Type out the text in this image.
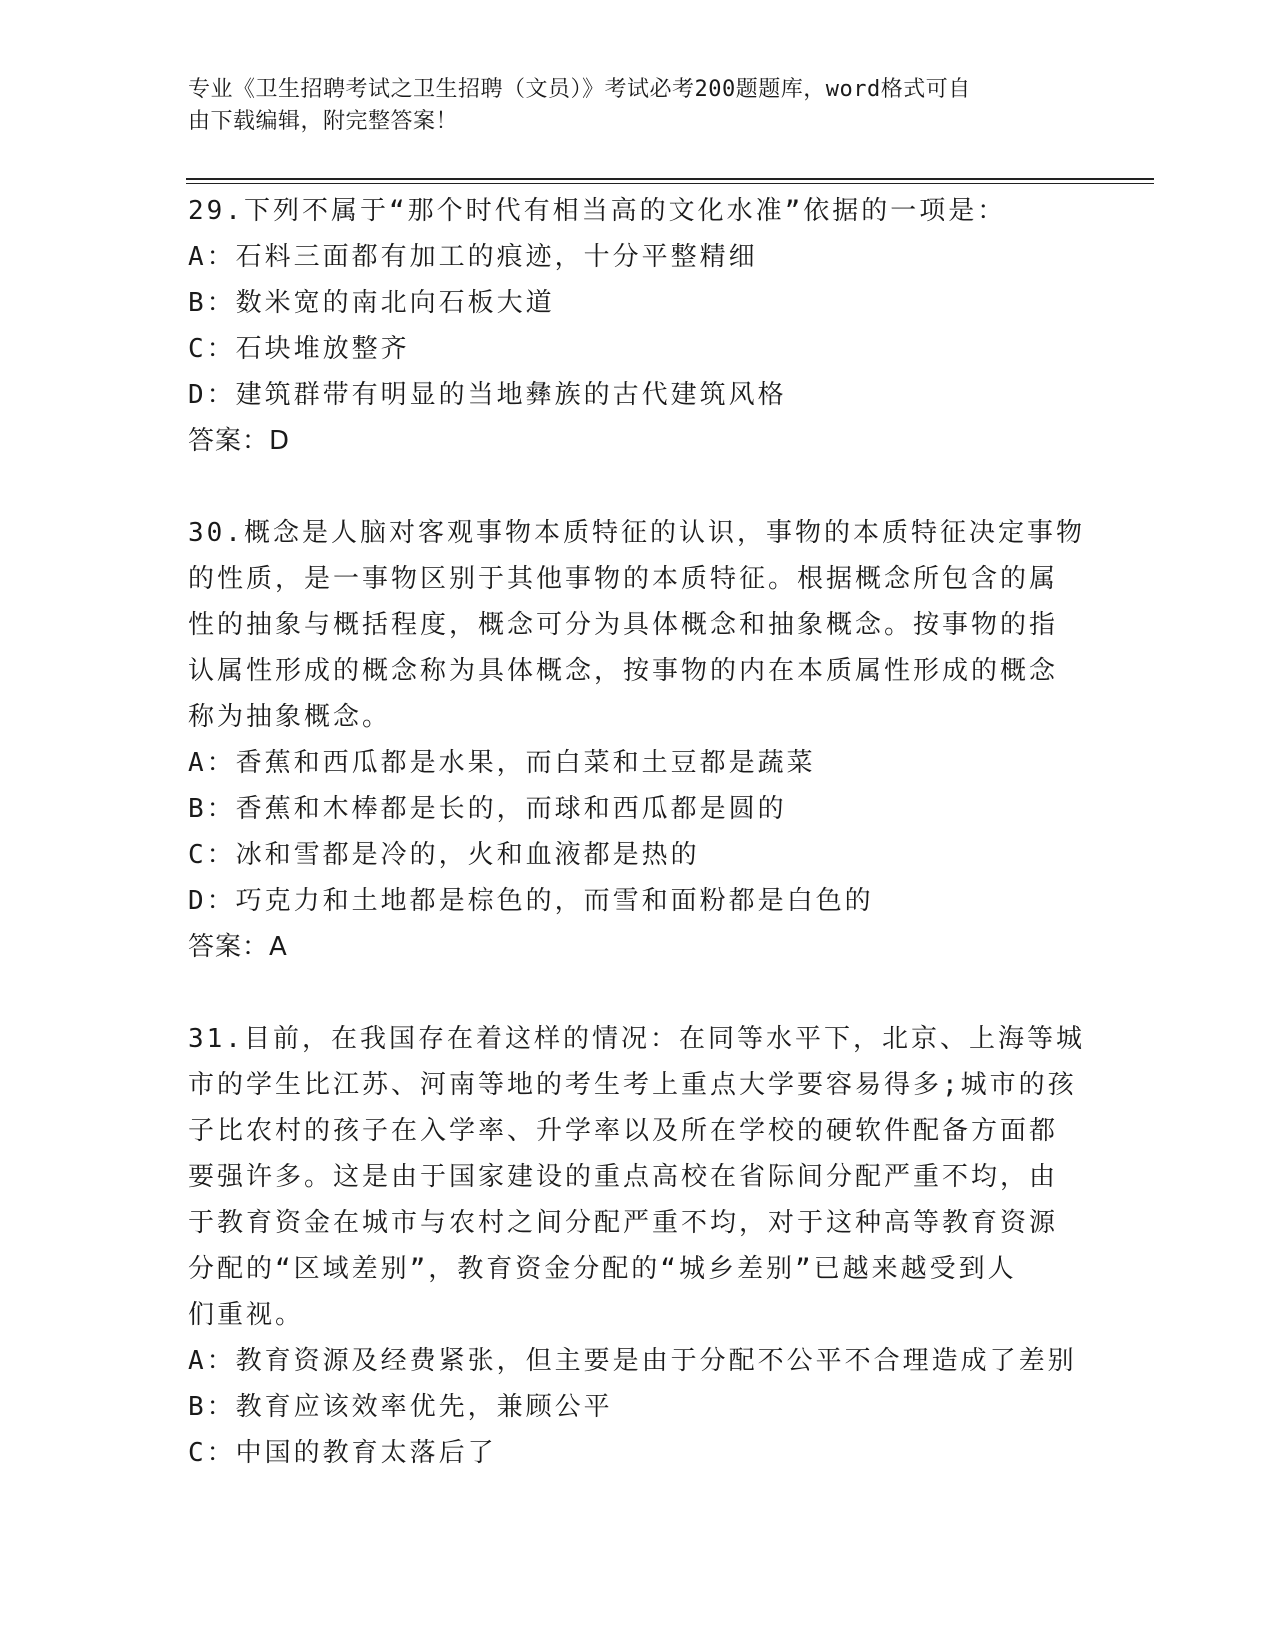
专业《卫生招聘考试之卫生招聘（文员）》考试必考200题题库，word格式可自
由下载编辑，附完整答案！
29.下列不属于“那个时代有相当高的文化水准”依据的一项是：
A：石料三面都有加工的痕迹，十分平整精细
B：数米宽的南北向石板大道
C：石块堆放整齐
D：建筑群带有明显的当地彝族的古代建筑风格
答案：D
30.概念是人脑对客观事物本质特征的认识，事物的本质特征决定事物
的性质，是一事物区别于其他事物的本质特征。根据概念所包含的属
性的抽象与概括程度，概念可分为具体概念和抽象概念。按事物的指
认属性形成的概念称为具体概念，按事物的内在本质属性形成的概念
称为抽象概念。
A：香蕉和西瓜都是水果，而白菜和土豆都是蔬菜
B：香蕉和木棒都是长的，而球和西瓜都是圆的
C：冰和雪都是冷的，火和血液都是热的
D：巧克力和土地都是棕色的，而雪和面粉都是白色的
答案：A
31.目前，在我国存在着这样的情况：在同等水平下，北京、上海等城
市的学生比江苏、河南等地的考生考上重点大学要容易得多;城市的孩
子比农村的孩子在入学率、升学率以及所在学校的硬软件配备方面都
要强许多。这是由于国家建设的重点高校在省际间分配严重不均，由
于教育资金在城市与农村之间分配严重不均，对于这种高等教育资源
分配的“区域差别”，教育资金分配的“城乡差别”已越来越受到人
们重视。
A：教育资源及经费紧张，但主要是由于分配不公平不合理造成了差别
B：教育应该效率优先，兼顾公平
C：中国的教育太落后了
